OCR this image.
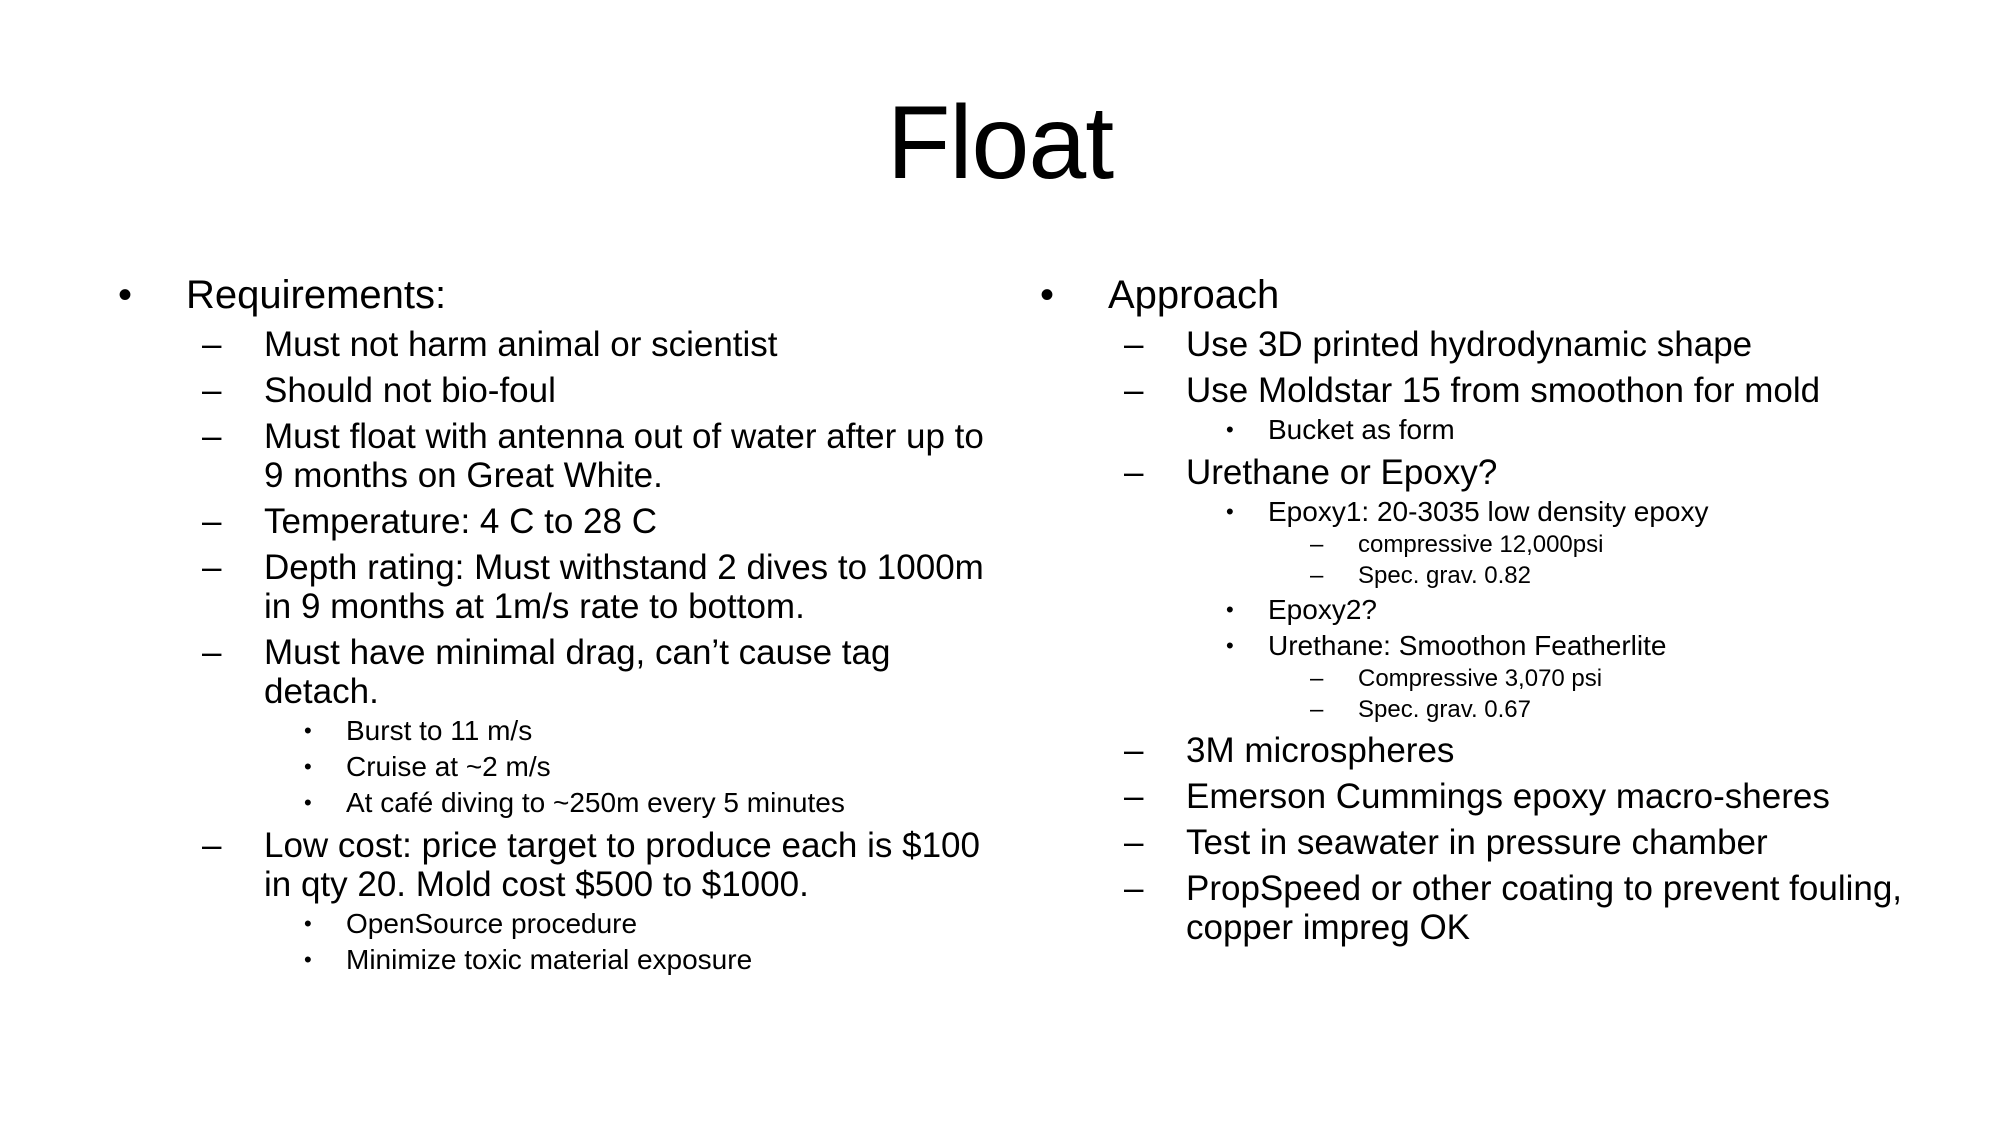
Float
•
Requirements:
–
Must not harm animal or scientist
–
Should not bio-foul
–
Must float with antenna out of water after up to 9 months on Great White.
–
Temperature: 4 C to 28 C
–
Depth rating: Must withstand 2 dives to 1000m in 9 months at 1m/s rate to bottom.
–
Must have minimal drag, can’t cause tag detach.
•
Burst to 11 m/s
•
Cruise at ~2 m/s
•
At café diving to ~250m every 5 minutes
–
Low cost: price target to produce each is $100 in qty 20. Mold cost $500 to $1000.
•
OpenSource procedure
•
Minimize toxic material exposure
•
Approach
–
Use 3D printed hydrodynamic shape
–
Use Moldstar 15 from smoothon for mold
•
Bucket as form
–
Urethane or Epoxy?
•
Epoxy1: 20-3035 low density epoxy
–
compressive 12,000psi
–
Spec. grav. 0.82
•
Epoxy2?
•
Urethane: Smoothon Featherlite
–
Compressive 3,070 psi
–
Spec. grav. 0.67
–
3M microspheres
–
Emerson Cummings epoxy macro-sheres
–
Test in seawater in pressure chamber
–
PropSpeed or other coating to prevent fouling, copper impreg OK
